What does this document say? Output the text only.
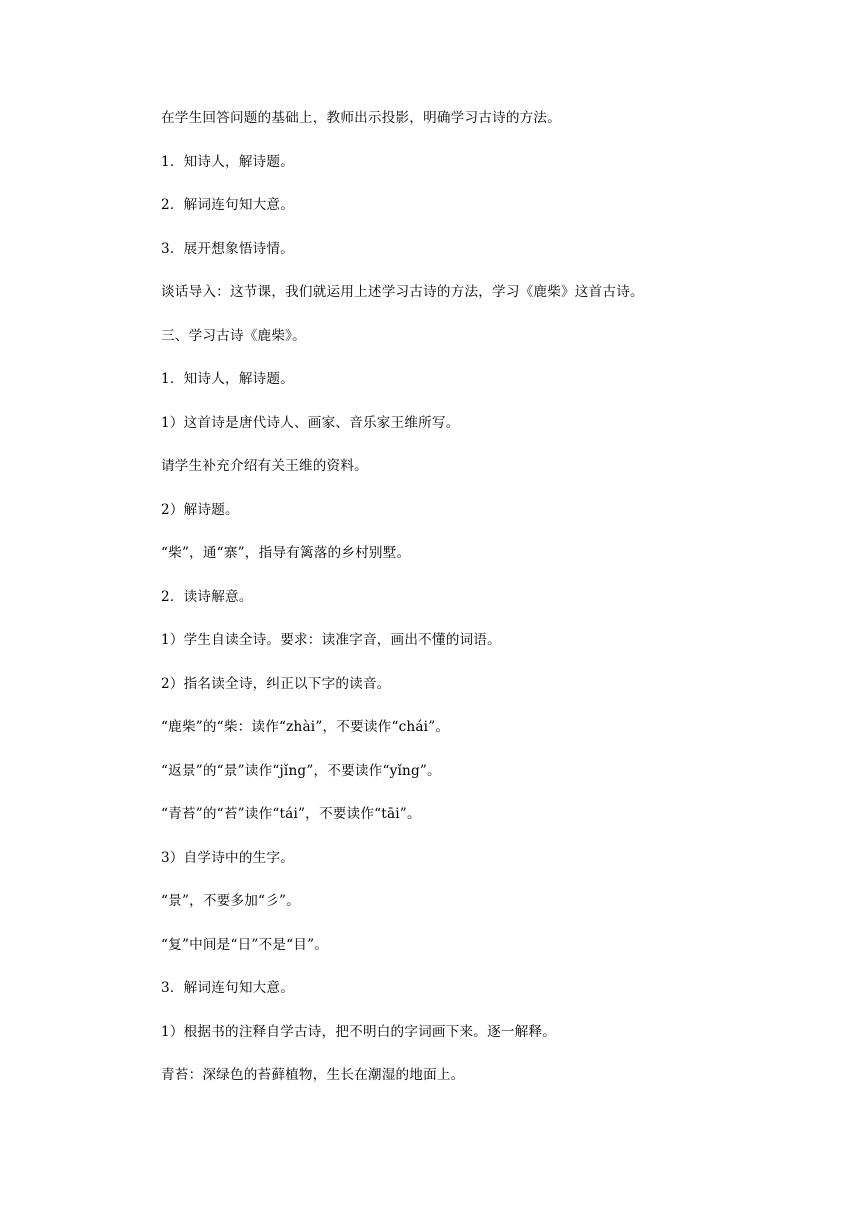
在学生回答问题的基础上，教师出示投影，明确学习古诗的方法。

1．知诗人，解诗题。

2．解词连句知大意。

3．展开想象悟诗情。

谈话导入：这节课，我们就运用上述学习古诗的方法，学习《鹿柴》这首古诗。

三、学习古诗《鹿柴》。

1．知诗人，解诗题。

1）这首诗是唐代诗人、画家、音乐家王维所写。

请学生补充介绍有关王维的资料。

2）解诗题。

“柴”，通“寨”，指导有篱落的乡村别墅。

2．读诗解意。

1）学生自读全诗。要求：读准字音，画出不懂的词语。

2）指名读全诗，纠正以下字的读音。

“鹿柴”的“柴：读作“zhài”，不要读作“chái”。

“返景”的“景”读作“jǐng”，不要读作“yǐng”。

“青苔”的“苔”读作“tái”，不要读作“tāi”。

3）自学诗中的生字。

“景”，不要多加“彡”。

“复”中间是“日”不是“目”。

3．解词连句知大意。

1）根据书的注释自学古诗，把不明白的字词画下来。逐一解释。

青苔：深绿色的苔藓植物，生长在潮湿的地面上。
